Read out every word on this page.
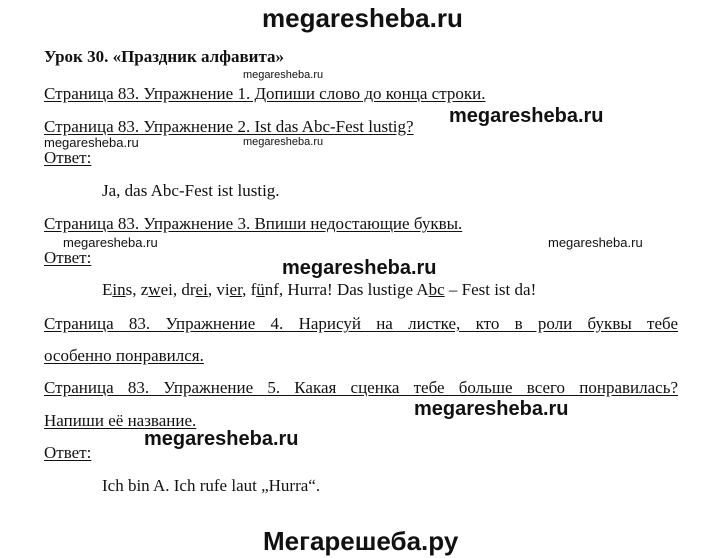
megaresheba.ru
Урок 30. «Праздник алфавита»
megaresheba.ru
Страница 83. Упражнение 1. Допиши слово до конца строки.
Страница 83. Упражнение 2. Ist das Abc-Fest lustig? megaresheba.ru
megaresheba.ru	megaresheba.ru
Ответ:
Ja, das Abc-Fest ist lustig.
Страница 83. Упражнение 3. Впиши недостающие буквы.
megaresheba.ru	megaresheba.ru
Ответ:	megaresheba.ru
Eins, zwei, drei, vier, fünf, Hurra! Das lustige Abc – Fest ist da!
Страница 83. Упражнение 4. Нарисуй на листке, кто в роли буквы тебе
особенно понравился.
Страница 83. Упражнение 5. Какая сценка тебе больше всего понравилась?
megaresheba.ru
Напиши её название.
megaresheba.ru
Ответ:
Ich bin A. Ich rufe laut „Hurra“.
Мегарешеба.ру
